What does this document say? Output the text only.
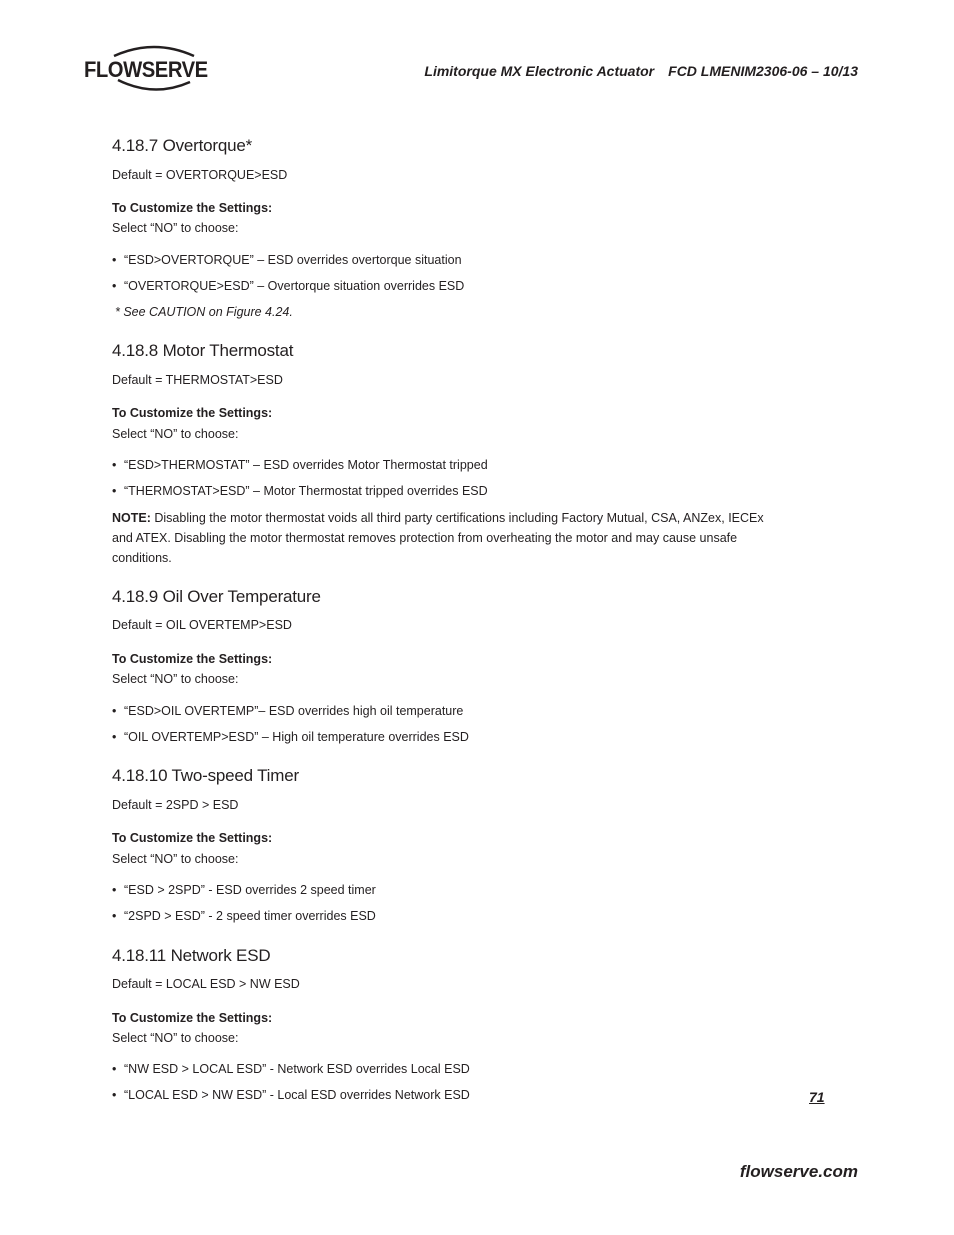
FLOWSERVE	Limitorque MX Electronic Actuator FCD LMENIM2306-06 – 10/13
4.18.7 Overtorque*
Default = OVERTORQUE>ESD
To Customize the Settings:
Select “NO” to choose:
• “ESD>OVERTORQUE” – ESD overrides overtorque situation
• “OVERTORQUE>ESD” – Overtorque situation overrides ESD
* See CAUTION on Figure 4.24.
4.18.8 Motor Thermostat
Default = THERMOSTAT>ESD
To Customize the Settings:
Select “NO” to choose:
• “ESD>THERMOSTAT” – ESD overrides Motor Thermostat tripped
• “THERMOSTAT>ESD” – Motor Thermostat tripped overrides ESD
NOTE: Disabling the motor thermostat voids all third party certifications including Factory Mutual, CSA, ANZex, IECEx
and ATEX. Disabling the motor thermostat removes protection from overheating the motor and may cause unsafe
conditions.
4.18.9 Oil Over Temperature
Default = OIL OVERTEMP>ESD
To Customize the Settings:
Select “NO” to choose:
• “ESD>OIL OVERTEMP”– ESD overrides high oil temperature
• “OIL OVERTEMP>ESD” – High oil temperature overrides ESD
4.18.10 Two-speed Timer
Default = 2SPD > ESD
To Customize the Settings:
Select “NO” to choose:
• “ESD > 2SPD” - ESD overrides 2 speed timer
• “2SPD > ESD” - 2 speed timer overrides ESD
4.18.11 Network ESD
Default = LOCAL ESD > NW ESD
To Customize the Settings:
Select “NO” to choose:
• “NW ESD > LOCAL ESD” - Network ESD overrides Local ESD
• “LOCAL ESD > NW ESD” - Local ESD overrides Network ESD	71
flowserve.com
